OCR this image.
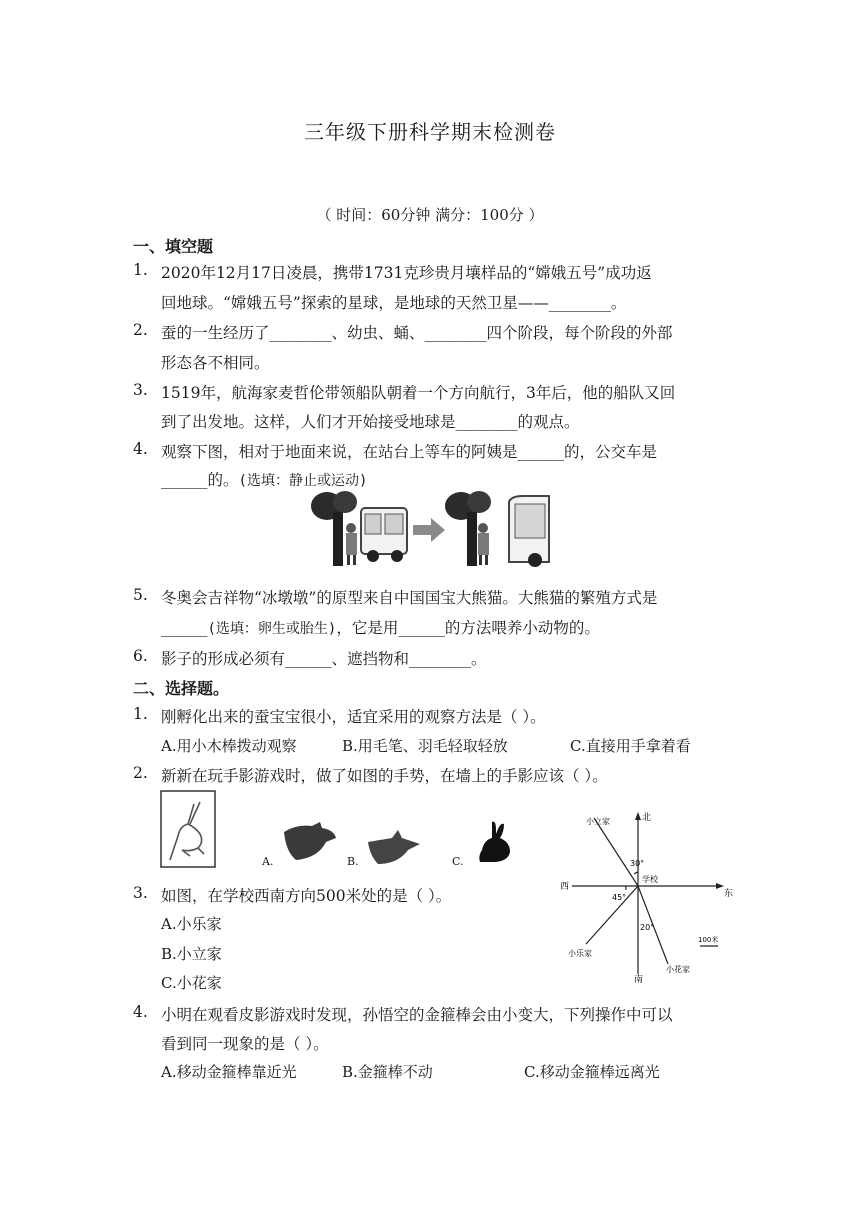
三年级下册科学期末检测卷
（ 时间：60分钟 满分：100分 ）
一、填空题
1. 2020年12月17日凌晨，携带1731克珍贵月壤样品的“嫦娥五号”成功返
回地球。“嫦娥五号”探索的星球，是地球的天然卫星——________。
2. 蚕的一生经历了________、幼虫、蛹、________四个阶段，每个阶段的外部
形态各不相同。
3. 1519年，航海家麦哲伦带领船队朝着一个方向航行，3年后，他的船队又回
到了出发地。这样，人们才开始接受地球是________的观点。
4. 观察下图，相对于地面来说，在站台上等车的阿姨是______的，公交车是
______的。(选填：静止或运动)
5. 冬奥会吉祥物“冰墩墩”的原型来自中国国宝大熊猫。大熊猫的繁殖方式是
______(选填：卵生或胎生)，它是用______的方法喂养小动物的。
6. 影子的形成必须有______、遮挡物和________。
二、选择题。
1. 刚孵化出来的蚕宝宝很小，适宜采用的观察方法是（ ）。
A.用小木棒拨动观察	B.用毛笔、羽毛轻取轻放	C.直接用手拿着看
2. 新新在玩手影游戏时，做了如图的手势，在墙上的手影应该（ ）。
A.	B.	C.
北
南
西
东
学校
小立家
小乐家
小花家
30°
45°
20°
100米
3. 如图，在学校西南方向500米处的是（ ）。
A.小乐家
B.小立家
C.小花家
4. 小明在观看皮影游戏时发现，孙悟空的金箍棒会由小变大，下列操作中可以
看到同一现象的是（ ）。
A.移动金箍棒靠近光	B.金箍棒不动	C.移动金箍棒远离光
